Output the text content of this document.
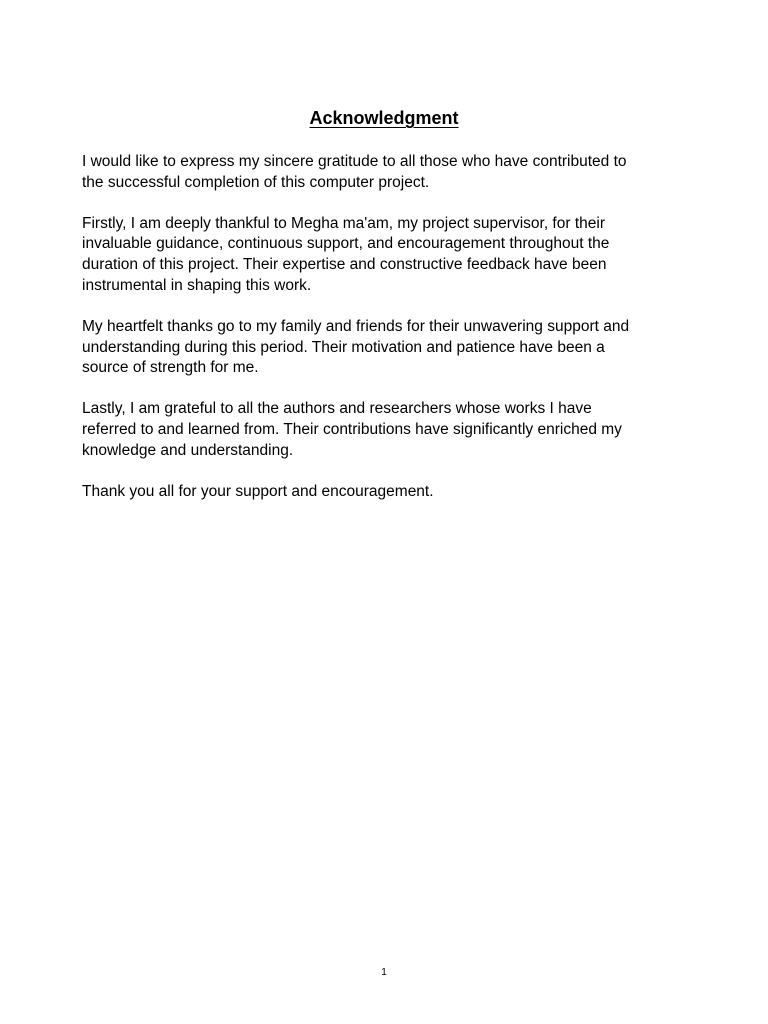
Acknowledgment

I would like to express my sincere gratitude to all those who have contributed to
the successful completion of this computer project.

Firstly, I am deeply thankful to Megha ma'am, my project supervisor, for their
invaluable guidance, continuous support, and encouragement throughout the
duration of this project. Their expertise and constructive feedback have been
instrumental in shaping this work.

My heartfelt thanks go to my family and friends for their unwavering support and
understanding during this period. Their motivation and patience have been a
source of strength for me.

Lastly, I am grateful to all the authors and researchers whose works I have
referred to and learned from. Their contributions have significantly enriched my
knowledge and understanding.

Thank you all for your support and encouragement.

1
